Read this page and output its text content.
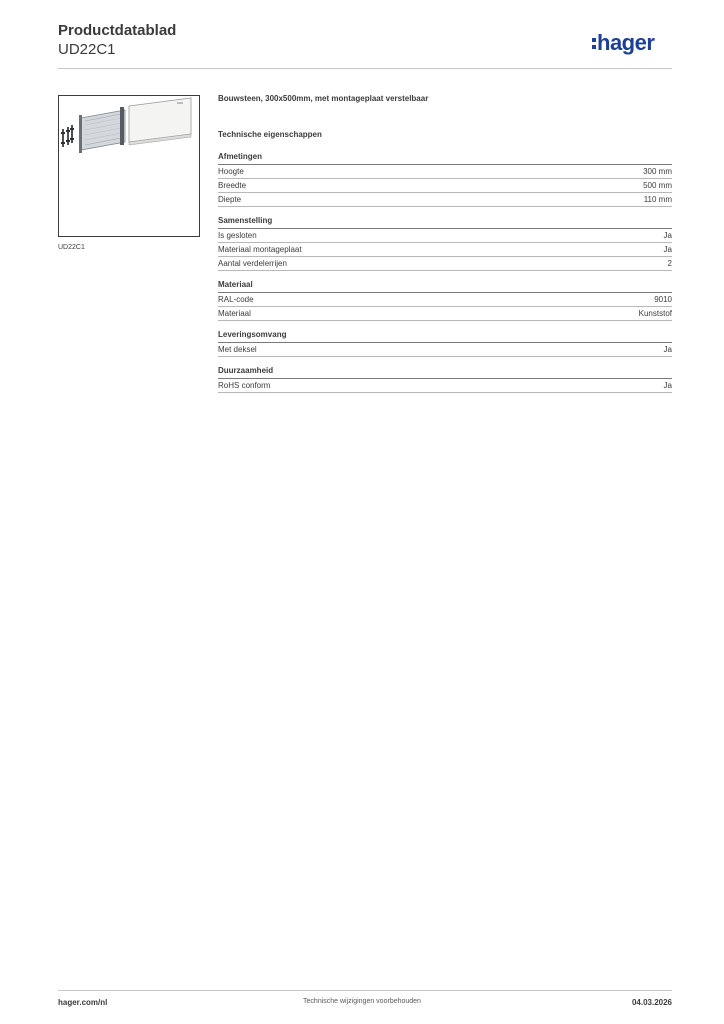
Productdatablad
UD22C1	hager
UD22C1
Bouwsteen, 300x500mm, met montageplaat verstelbaar
Technische eigenschappen
Afmetingen
Hoogte	300 mm
Breedte	500 mm
Diepte	110 mm
Samenstelling
Is gesloten	Ja
Materiaal montageplaat	Ja
Aantal verdelerrijen	2
Materiaal
RAL-code	9010
Materiaal	Kunststof
Leveringsomvang
Met deksel	Ja
Duurzaamheid
RoHS conform	Ja
hager.com/nl	Technische wijzigingen voorbehouden	04.03.2026
